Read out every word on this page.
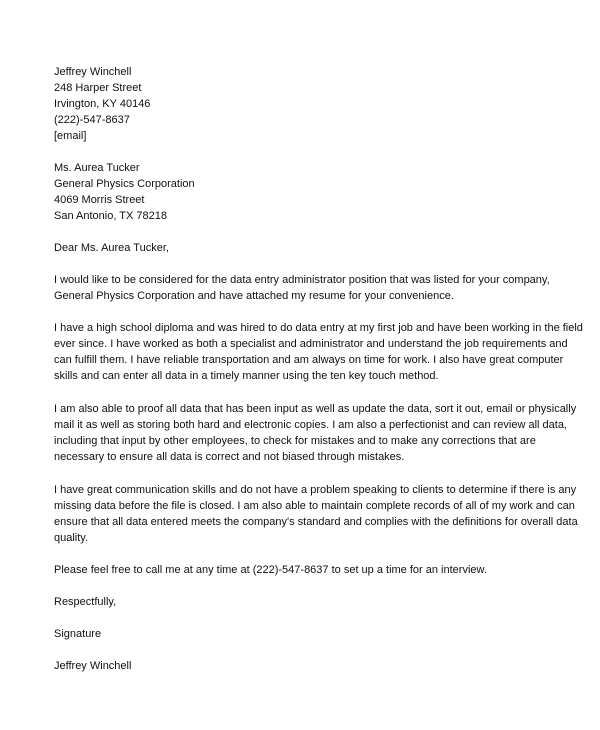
Jeffrey Winchell
248 Harper Street
Irvington, KY 40146
(222)-547-8637
[email]
Ms. Aurea Tucker
General Physics Corporation
4069 Morris Street
San Antonio, TX 78218
Dear Ms. Aurea Tucker,
I would like to be considered for the data entry administrator position that was listed for your company,
General Physics Corporation and have attached my resume for your convenience.
I have a high school diploma and was hired to do data entry at my first job and have been working in the field
ever since. I have worked as both a specialist and administrator and understand the job requirements and
can fulfill them. I have reliable transportation and am always on time for work. I also have great computer
skills and can enter all data in a timely manner using the ten key touch method.
I am also able to proof all data that has been input as well as update the data, sort it out, email or physically
mail it as well as storing both hard and electronic copies. I am also a perfectionist and can review all data,
including that input by other employees, to check for mistakes and to make any corrections that are
necessary to ensure all data is correct and not biased through mistakes.
I have great communication skills and do not have a problem speaking to clients to determine if there is any
missing data before the file is closed. I am also able to maintain complete records of all of my work and can
ensure that all data entered meets the company's standard and complies with the definitions for overall data
quality.
Please feel free to call me at any time at (222)-547-8637 to set up a time for an interview.
Respectfully,
Signature
Jeffrey Winchell
